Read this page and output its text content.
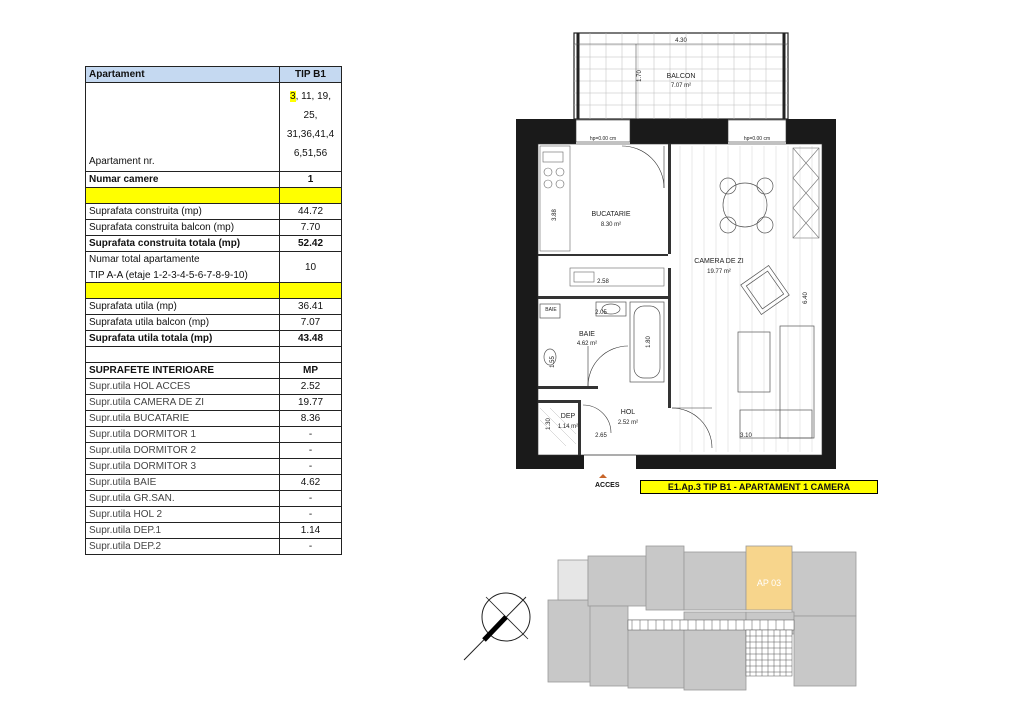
Apartament	TIP B1
Apartament nr.	3, 11, 19,
25,
31,36,41,4
6,51,56

Numar camere	1

Suprafata construita (mp)	44.72
Suprafata construita balcon (mp)	7.70
Suprafata construita totala (mp)	52.42

Numar total apartamente
TIP A-A (etaje 1-2-3-4-5-6-7-8-9-10)	10

Suprafata utila (mp)	36.41
Suprafata utila balcon (mp)	7.07
Suprafata utila totala (mp)	43.48

SUPRAFETE INTERIOARE	MP
Supr.utila HOL ACCES	2.52
Supr.utila CAMERA DE ZI	19.77
Supr.utila BUCATARIE	8.36
Supr.utila DORMITOR 1	-
Supr.utila DORMITOR 2	-
Supr.utila DORMITOR 3	-
Supr.utila BAIE	4.62
Supr.utila GR.SAN.	-
Supr.utila HOL 2	-
Supr.utila DEP.1	1.14
Supr.utila DEP.2	-
BALCON
7.07 m²
4.30
1.70
hp=0.00 cm	hp=0.00 cm
BUCATARIE
8.30 m²
3.88
2.58
CAMERA DE ZI
19.77 m²
6.40
3.10
BAIE	2.05
BAIE
4.62 m²	1.80
1.55
HOL
2.52 m²
2.65
DEP
1.14 m²
1.30
ACCES	E1.Ap.3 TIP B1 - APARTAMENT 1 CAMERA
AP 03
